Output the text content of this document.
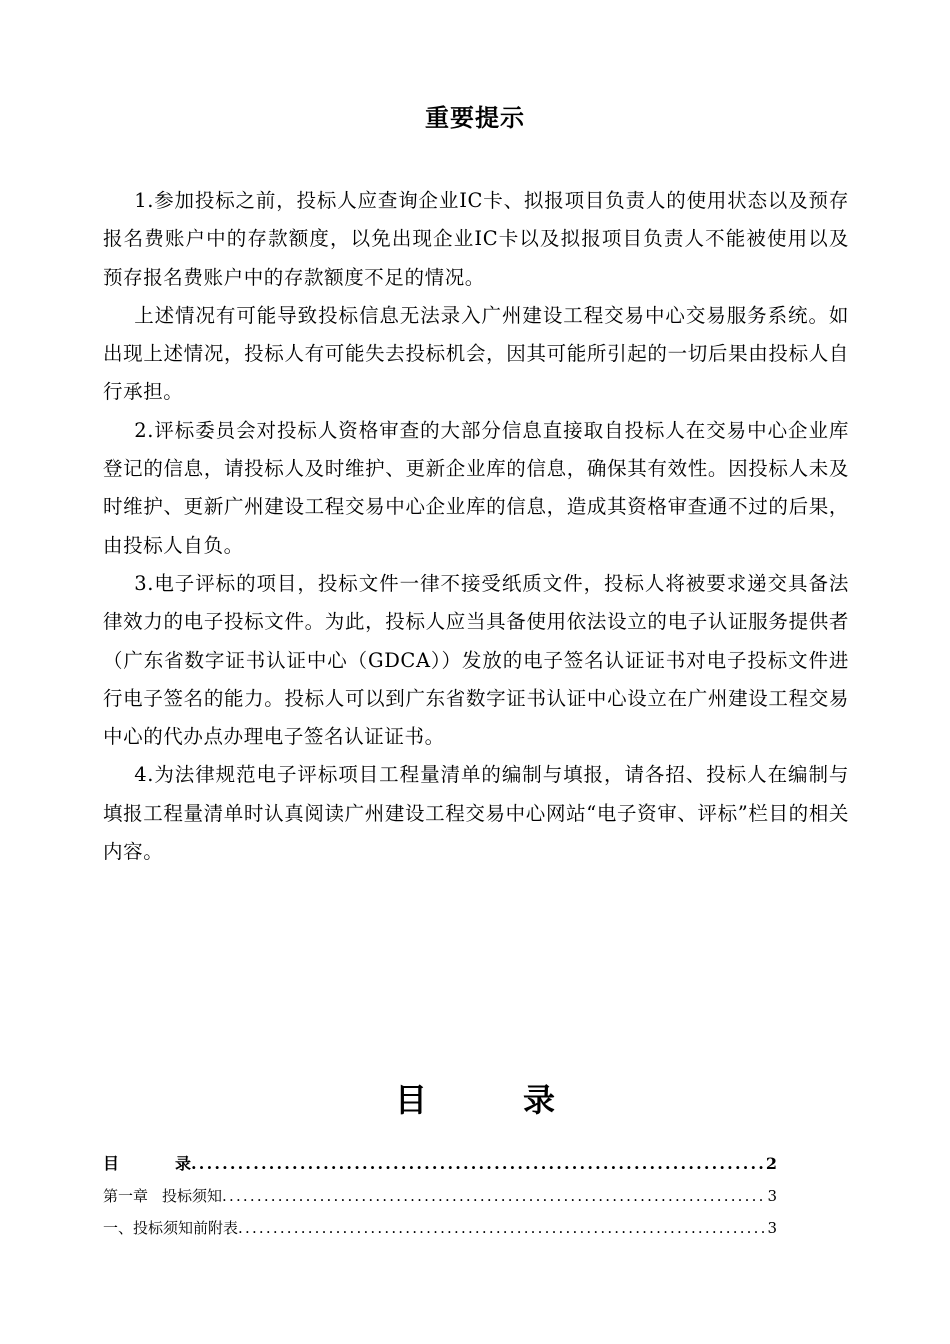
重要提示

1.参加投标之前，投标人应查询企业IC卡、拟报项目负责人的使用状态以及预存报名费账户中的存款额度，以免出现企业IC卡以及拟报项目负责人不能被使用以及预存报名费账户中的存款额度不足的情况。

上述情况有可能导致投标信息无法录入广州建设工程交易中心交易服务系统。如出现上述情况，投标人有可能失去投标机会，因其可能所引起的一切后果由投标人自行承担。

2.评标委员会对投标人资格审查的大部分信息直接取自投标人在交易中心企业库登记的信息，请投标人及时维护、更新企业库的信息，确保其有效性。因投标人未及时维护、更新广州建设工程交易中心企业库的信息，造成其资格审查通不过的后果，由投标人自负。

3.电子评标的项目，投标文件一律不接受纸质文件，投标人将被要求递交具备法律效力的电子投标文件。为此，投标人应当具备使用依法设立的电子认证服务提供者（广东省数字证书认证中心（GDCA））发放的电子签名认证证书对电子投标文件进行电子签名的能力。投标人可以到广东省数字证书认证中心设立在广州建设工程交易中心的代办点办理电子签名认证证书。

4.为法律规范电子评标项目工程量清单的编制与填报，请各招、投标人在编制与填报工程量清单时认真阅读广州建设工程交易中心网站“电子资审、评标”栏目的相关内容。

目	录
目	录 .....	2
第一章 投标须知 .....	3
一、投标须知前附表 .....	3
